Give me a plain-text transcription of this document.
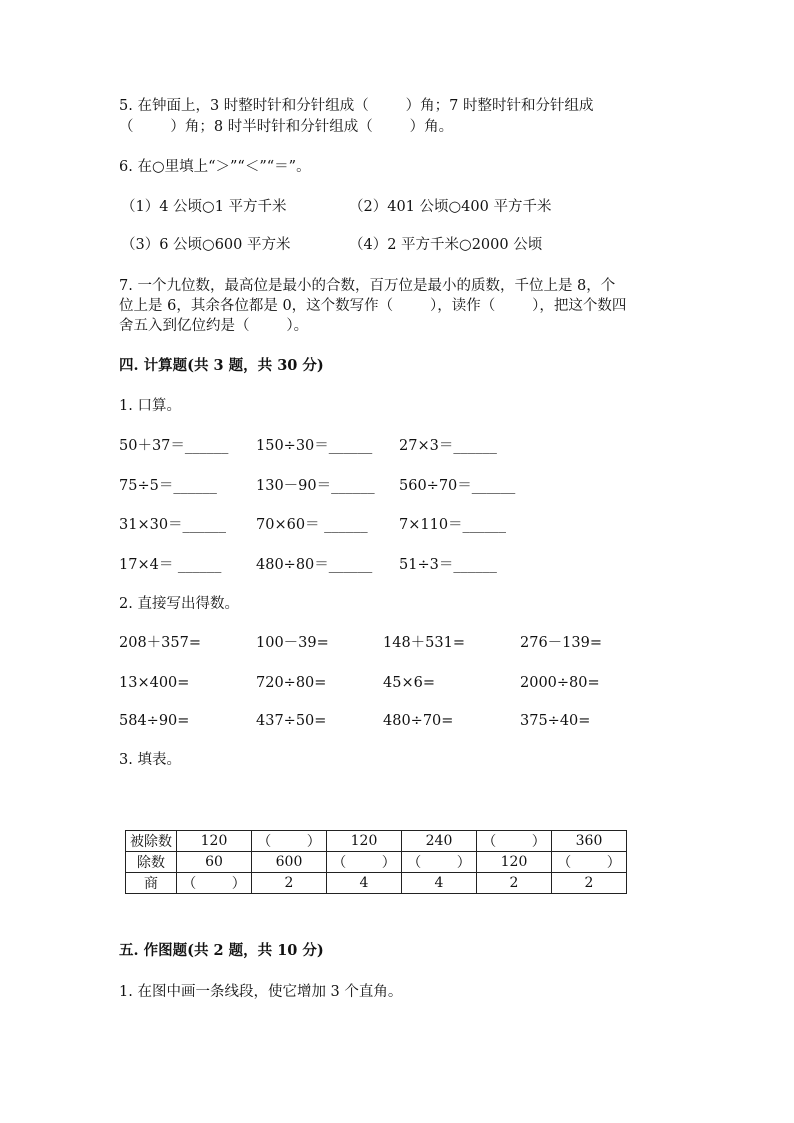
5. 在钟面上，3 时整时针和分针组成（        ）角；7 时整时针和分针组成
（        ）角；8 时半时针和分针组成（        ）角。
6. 在○里填上“＞”“＜”“＝”。
（1）4 公顷○1 平方千米	（2）401 公顷○400 平方千米
（3）6 公顷○600 平方米	（4）2 平方千米○2000 公顷
7. 一个九位数，最高位是最小的合数，百万位是最小的质数，千位上是 8，个
位上是 6，其余各位都是 0，这个数写作（        ），读作（        ），把这个数四
舍五入到亿位约是（        ）。
四. 计算题(共 3 题，共 30 分)
1. 口算。
50＋37＝______ 150÷30＝______ 27×3＝______
75÷5＝______	130－90＝______ 560÷70＝______
31×30＝______ 70×60＝ ______ 7×110＝______
17×4＝ ______ 480÷80＝______ 51÷3＝______
2. 直接写出得数。
208＋357=	100－39=	148＋531=	276－139=
13×400=	720÷80=	45×6=	2000÷80=
584÷90=	437÷50=	480÷70=	375÷40=
3. 填表。
被除数	120	（        ）	120	240	（        ）	360
除数	60	600	（        ）	（        ）	120	（        ）
商	（        ）	2	4	4	2	2
五. 作图题(共 2 题，共 10 分)
1. 在图中画一条线段，使它增加 3 个直角。
